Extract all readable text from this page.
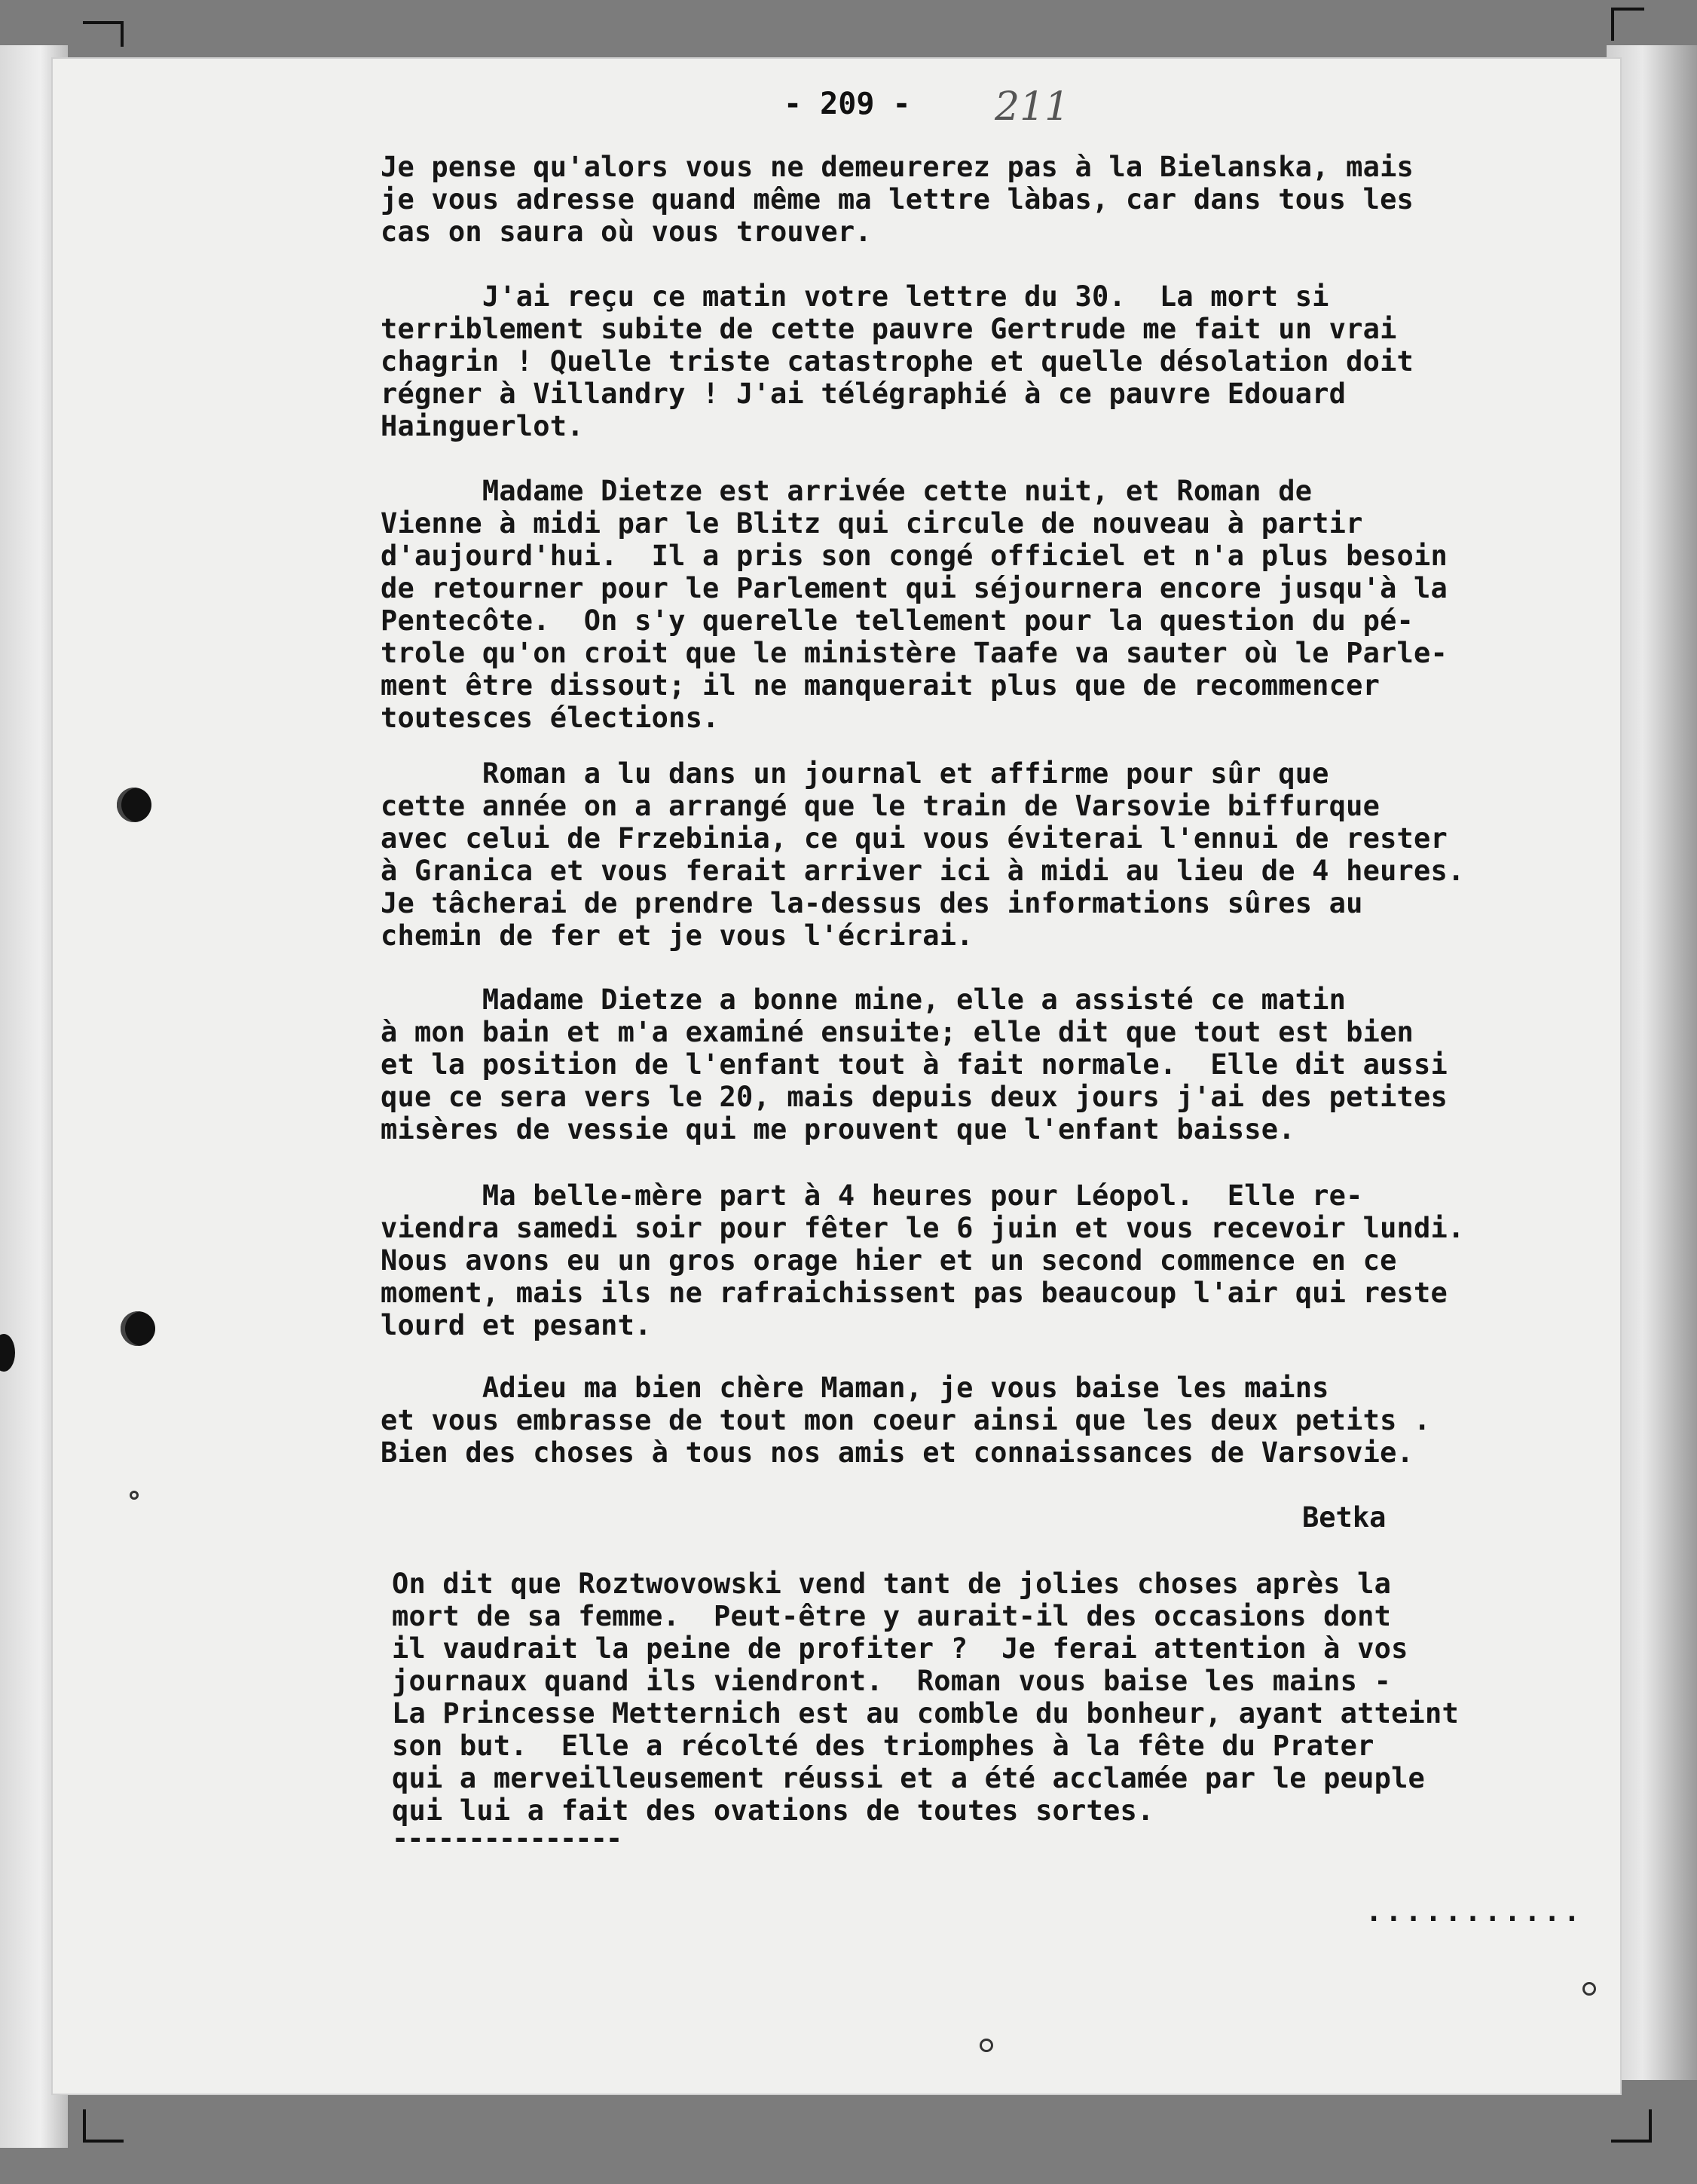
- 209 - 211
Je pense qu'alors vous ne demeurerez pas à la Bielanska, mais
je vous adresse quand même ma lettre làbas, car dans tous les
cas on saura où vous trouver.
J'ai reçu ce matin votre lettre du 30.  La mort si
terriblement subite de cette pauvre Gertrude me fait un vrai
chagrin ! Quelle triste catastrophe et quelle désolation doit
régner à Villandry ! J'ai télégraphié à ce pauvre Edouard
Hainguerlot.
Madame Dietze est arrivée cette nuit, et Roman de
Vienne à midi par le Blitz qui circule de nouveau à partir
d'aujourd'hui.  Il a pris son congé officiel et n'a plus besoin
de retourner pour le Parlement qui séjournera encore jusqu'à la
Pentecôte.  On s'y querelle tellement pour la question du pé-
trole qu'on croit que le ministère Taafe va sauter où le Parle-
ment être dissout; il ne manquerait plus que de recommencer
toutesces élections.
Roman a lu dans un journal et affirme pour sûr que
cette année on a arrangé que le train de Varsovie biffurque
avec celui de Frzebinia, ce qui vous éviterai l'ennui de rester
à Granica et vous ferait arriver ici à midi au lieu de 4 heures.
Je tâcherai de prendre la-dessus des informations sûres au
chemin de fer et je vous l'écrirai.
Madame Dietze a bonne mine, elle a assisté ce matin
à mon bain et m'a examiné ensuite; elle dit que tout est bien
et la position de l'enfant tout à fait normale.  Elle dit aussi
que ce sera vers le 20, mais depuis deux jours j'ai des petites
misères de vessie qui me prouvent que l'enfant baisse.
Ma belle-mère part à 4 heures pour Léopol.  Elle re-
viendra samedi soir pour fêter le 6 juin et vous recevoir lundi.
Nous avons eu un gros orage hier et un second commence en ce
moment, mais ils ne rafraichissent pas beaucoup l'air qui reste
lourd et pesant.
Adieu ma bien chère Maman, je vous baise les mains
et vous embrasse de tout mon coeur ainsi que les deux petits .
Bien des choses à tous nos amis et connaissances de Varsovie.
Betka
On dit que Roztwovowski vend tant de jolies choses après la
mort de sa femme.  Peut-être y aurait-il des occasions dont
il vaudrait la peine de profiter ?  Je ferai attention à vos
journaux quand ils viendront.  Roman vous baise les mains -
La Princesse Metternich est au comble du bonheur, ayant atteint
son but.  Elle a récolté des triomphes à la fête du Prater
qui a merveilleusement réussi et a été acclamée par le peuple
qui lui a fait des ovations de toutes sortes.
---------------
...........
